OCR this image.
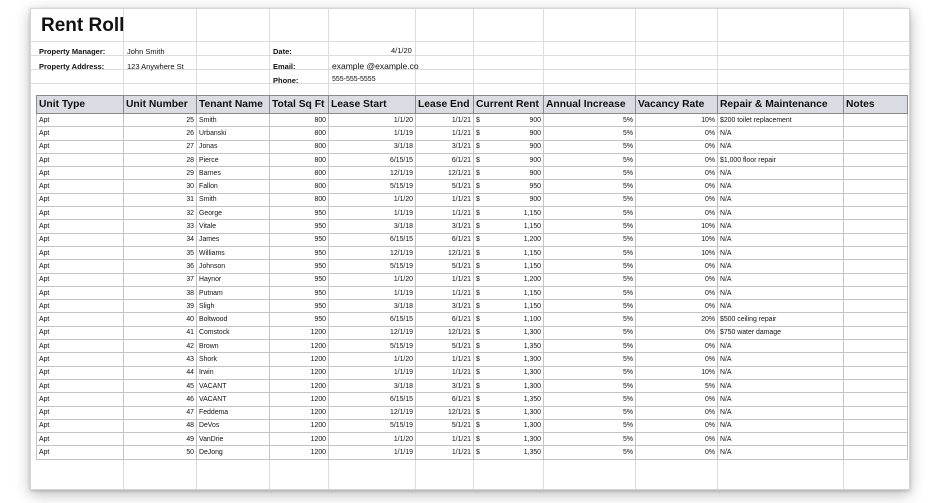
Rent Roll
Property Manager:	John Smith
Property Address:	123 Anywhere St
Date:	4/1/20
Email:	example @example.co
Phone:	555-555-5555
Unit Type	Unit Number	Tenant Name	Total Sq Ft	Lease Start	Lease End	Current Rent	Annual Increase	Vacancy Rate	Repair & Maintenance	Notes
Apt	25	Smith	800	1/1/20	1/1/21	$ 900	5%	10%	$200 toilet replacement	
Apt	26	Urbanski	800	1/1/19	1/1/21	$ 900	5%	0%	N/A	
Apt	27	Jonas	800	3/1/18	3/1/21	$ 900	5%	0%	N/A	
Apt	28	Pierce	800	6/15/15	6/1/21	$ 900	5%	0%	$1,000 floor repair	
Apt	29	Barnes	800	12/1/19	12/1/21	$ 900	5%	0%	N/A	
Apt	30	Fallon	800	5/15/19	5/1/21	$ 950	5%	0%	N/A	
Apt	31	Smith	800	1/1/20	1/1/21	$ 900	5%	0%	N/A	
Apt	32	George	950	1/1/19	1/1/21	$ 1,150	5%	0%	N/A	
Apt	33	Vitale	950	3/1/18	3/1/21	$ 1,150	5%	10%	N/A	
Apt	34	James	950	6/15/15	6/1/21	$ 1,200	5%	10%	N/A	
Apt	35	Williams	950	12/1/19	12/1/21	$ 1,150	5%	10%	N/A	
Apt	36	Johnson	950	5/15/19	5/1/21	$ 1,150	5%	0%	N/A	
Apt	37	Haynor	950	1/1/20	1/1/21	$ 1,200	5%	0%	N/A	
Apt	38	Putnam	950	1/1/19	1/1/21	$ 1,150	5%	0%	N/A	
Apt	39	Sligh	950	3/1/18	3/1/21	$ 1,150	5%	0%	N/A	
Apt	40	Boltwood	950	6/15/15	6/1/21	$ 1,100	5%	20%	$500 ceiling repair	
Apt	41	Comstock	1200	12/1/19	12/1/21	$ 1,300	5%	0%	$750 water damage	
Apt	42	Brown	1200	5/15/19	5/1/21	$ 1,350	5%	0%	N/A	
Apt	43	Shork	1200	1/1/20	1/1/21	$ 1,300	5%	0%	N/A	
Apt	44	Irwin	1200	1/1/19	1/1/21	$ 1,300	5%	10%	N/A	
Apt	45	VACANT	1200	3/1/18	3/1/21	$ 1,300	5%	5%	N/A	
Apt	46	VACANT	1200	6/15/15	6/1/21	$ 1,350	5%	0%	N/A	
Apt	47	Feddema	1200	12/1/19	12/1/21	$ 1,300	5%	0%	N/A	
Apt	48	DeVos	1200	5/15/19	5/1/21	$ 1,300	5%	0%	N/A	
Apt	49	VanDrie	1200	1/1/20	1/1/21	$ 1,300	5%	0%	N/A	
Apt	50	DeJong	1200	1/1/19	1/1/21	$ 1,350	5%	0%	N/A	
